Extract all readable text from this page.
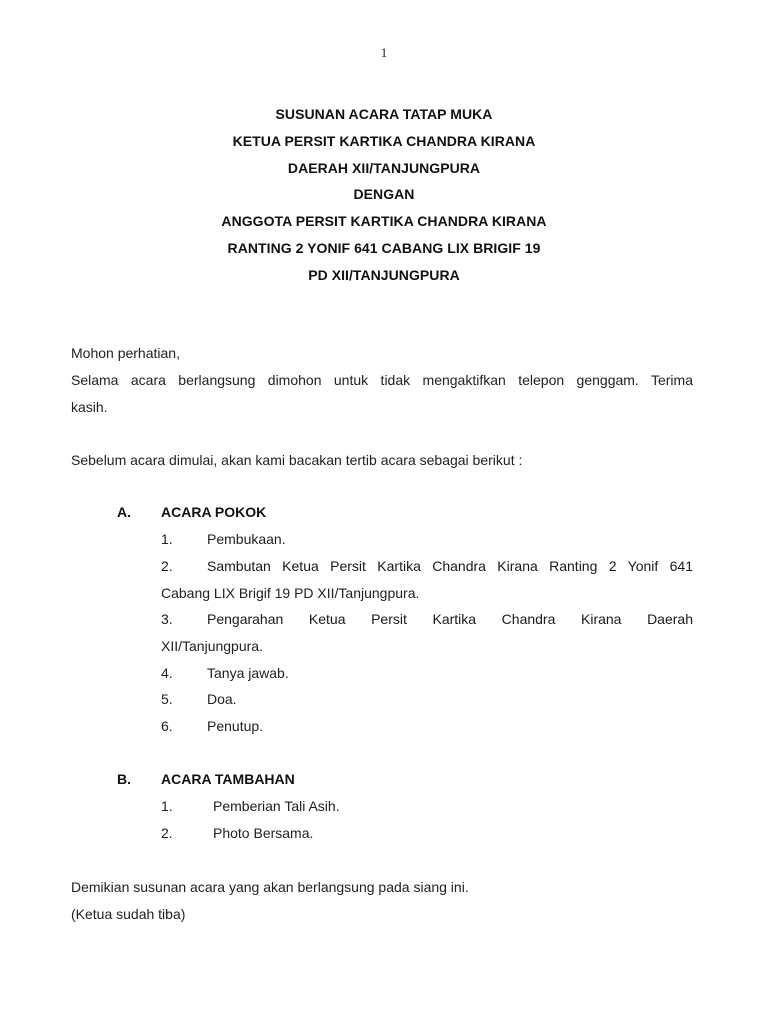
1
SUSUNAN ACARA TATAP MUKA
KETUA PERSIT KARTIKA CHANDRA KIRANA
DAERAH XII/TANJUNGPURA
DENGAN
ANGGOTA PERSIT KARTIKA CHANDRA KIRANA
RANTING 2 YONIF 641 CABANG LIX BRIGIF 19
PD XII/TANJUNGPURA
Mohon perhatian,
Selama acara berlangsung dimohon untuk tidak mengaktifkan telepon genggam. Terima
kasih.
Sebelum acara dimulai, akan kami bacakan tertib acara sebagai berikut :
A. ACARA POKOK
1. Pembukaan.
2. Sambutan Ketua Persit Kartika Chandra Kirana Ranting 2 Yonif 641
Cabang LIX Brigif 19 PD XII/Tanjungpura.
3. Pengarahan Ketua Persit Kartika Chandra Kirana Daerah
XII/Tanjungpura.
4. Tanya jawab.
5. Doa.
6. Penutup.
B. ACARA TAMBAHAN
1.	Pemberian Tali Asih.
2.	Photo Bersama.
Demikian susunan acara yang akan berlangsung pada siang ini.
(Ketua sudah tiba)
